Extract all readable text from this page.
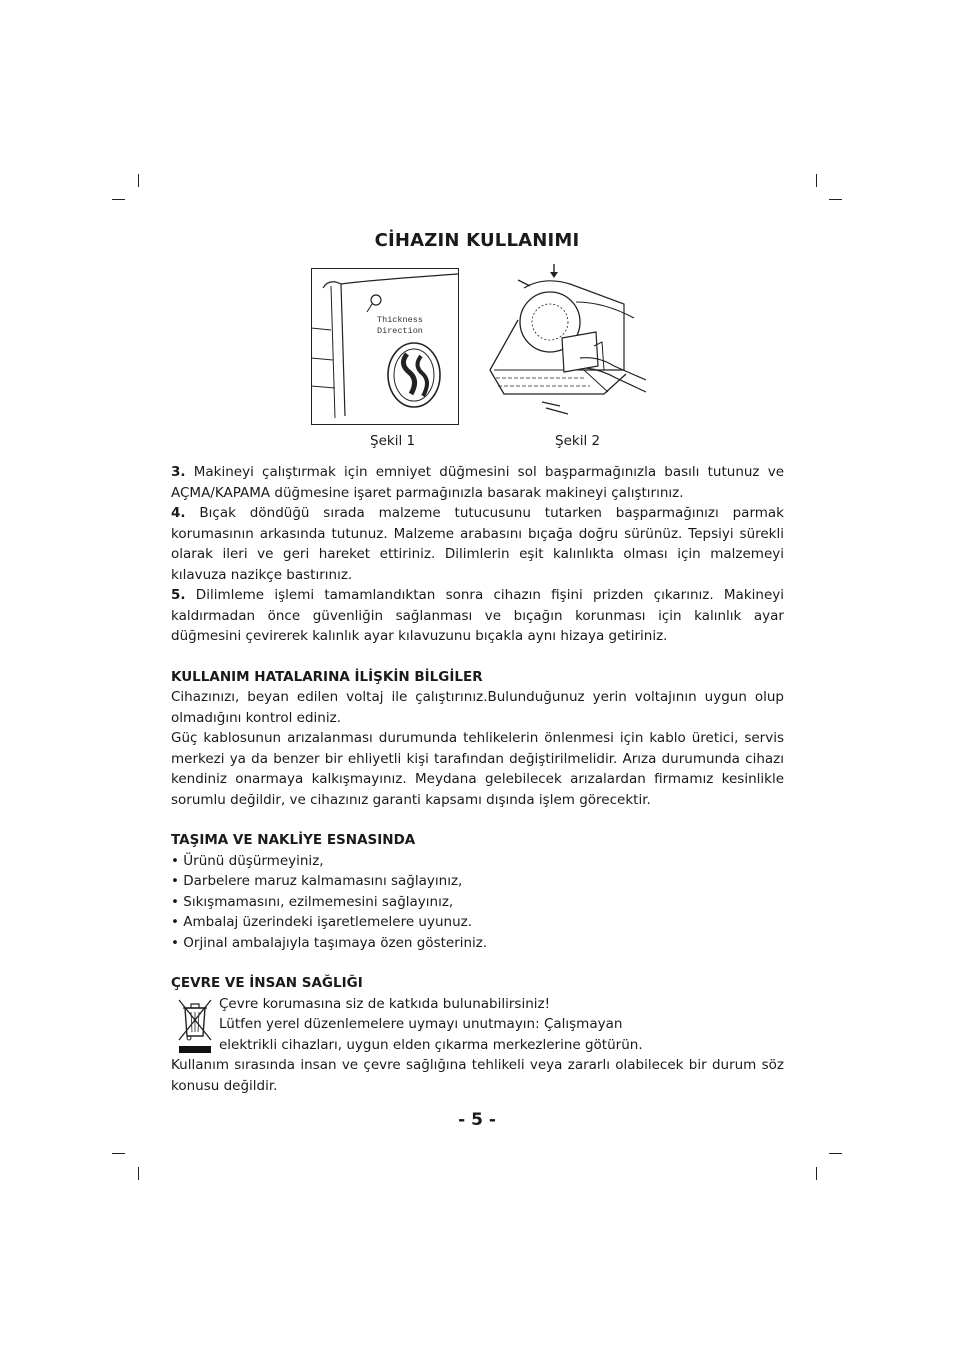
CİHAZIN KULLANIMI
Thickness
Direction
Şekil 1	Şekil 2

3. Makineyi çalıştırmak için emniyet düğmesini sol başparmağınızla basılı tutunuz ve AÇMA/KAPAMA düğmesine işaret parmağınızla basarak makineyi çalıştırınız.

4. Bıçak döndüğü sırada malzeme tutucusunu tutarken başparmağınızı parmak korumasının arkasında tutunuz. Malzeme arabasını bıçağa doğru sürünüz. Tepsiyi sürekli olarak ileri ve geri hareket ettiriniz. Dilimlerin eşit kalınlıkta olması için malzemeyi kılavuza nazikçe bastırınız.

5. Dilimleme işlemi tamamlandıktan sonra cihazın fişini prizden çıkarınız. Makineyi kaldırmadan önce güvenliğin sağlanması ve bıçağın korunması için kalınlık ayar düğmesini çevirerek kalınlık ayar kılavuzunu bıçakla aynı hizaya getiriniz.

KULLANIM HATALARINA İLİŞKİN BİLGİLER

Cihazınızı, beyan edilen voltaj ile çalıştırınız.Bulunduğunuz yerin voltajının uygun olup olmadığını kontrol ediniz.

Güç kablosunun arızalanması durumunda tehlikelerin önlenmesi için kablo üretici, servis merkezi ya da benzer bir ehliyetli kişi tarafından değiştirilmelidir. Arıza durumunda cihazı kendiniz onarmaya kalkışmayınız. Meydana gelebilecek arızalardan firmamız kesinlikle sorumlu değildir, ve cihazınız garanti kapsamı dışında işlem görecektir.

TAŞIMA VE NAKLİYE ESNASINDA
• Ürünü düşürmeyiniz,
• Darbelere maruz kalmamasını sağlayınız,
• Sıkışmamasını, ezilmemesini sağlayınız,
• Ambalaj üzerindeki işaretlemelere uyunuz.
• Orjinal ambalajıyla taşımaya özen gösteriniz.
ÇEVRE VE İNSAN SAĞLIĞI
Çevre korumasına siz de katkıda bulunabilirsiniz!
Lütfen yerel düzenlemelere uymayı unutmayın: Çalışmayan
elektrikli cihazları, uygun elden çıkarma merkezlerine götürün.

Kullanım sırasında insan ve çevre sağlığına tehlikeli veya zararlı olabilecek bir durum söz konusu değildir.

- 5 -
